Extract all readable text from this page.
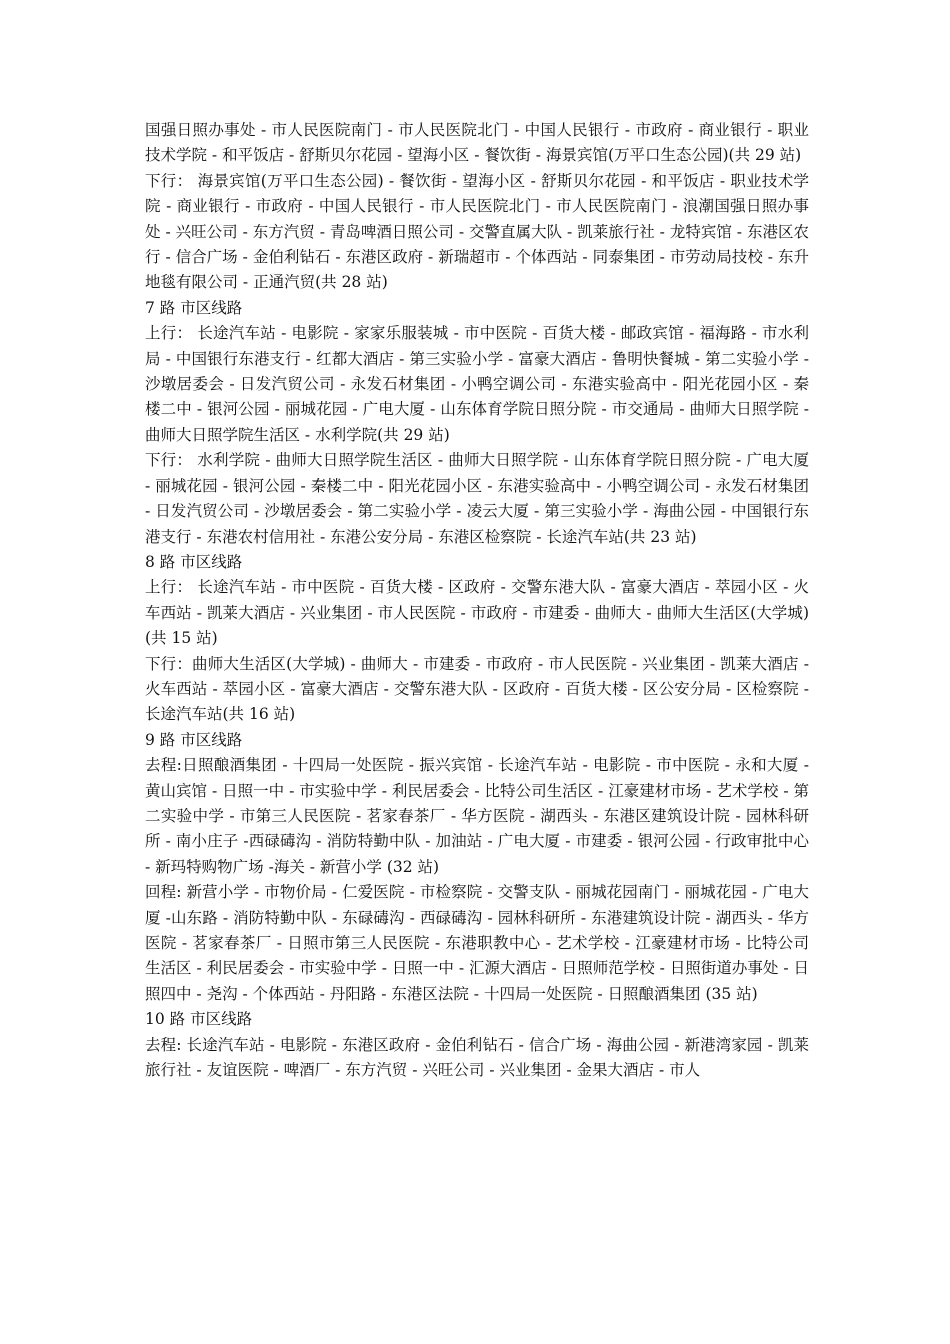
国强日照办事处 - 市人民医院南门 - 市人民医院北门 - 中国人民银行 - 市政府 - 商业银行 - 职业技术学院 - 和平饭店 - 舒斯贝尔花园 - 望海小区 - 餐饮街 - 海景宾馆(万平口生态公园)(共 29 站)

下行： 海景宾馆(万平口生态公园) - 餐饮街 - 望海小区 - 舒斯贝尔花园 - 和平饭店 - 职业技术学院 - 商业银行 - 市政府 - 中国人民银行 - 市人民医院北门 - 市人民医院南门 - 浪潮国强日照办事处 - 兴旺公司 - 东方汽贸 - 青岛啤酒日照公司 - 交警直属大队 - 凯莱旅行社 - 龙特宾馆 - 东港区农行 - 信合广场 - 金伯利钻石 - 东港区政府 - 新瑞超市 - 个体西站 - 同泰集团 - 市劳动局技校 - 东升地毯有限公司 - 正通汽贸(共 28 站)

7 路 市区线路

上行： 长途汽车站 - 电影院 - 家家乐服装城 - 市中医院 - 百货大楼 - 邮政宾馆 - 福海路 - 市水利局 - 中国银行东港支行 - 红都大酒店 - 第三实验小学 - 富豪大酒店 - 鲁明快餐城 - 第二实验小学 - 沙墩居委会 - 日发汽贸公司 - 永发石材集团 - 小鸭空调公司 - 东港实验高中 - 阳光花园小区 - 秦楼二中 - 银河公园 - 丽城花园 - 广电大厦 - 山东体育学院日照分院 - 市交通局 - 曲师大日照学院 - 曲师大日照学院生活区 - 水利学院(共 29 站)

下行： 水利学院 - 曲师大日照学院生活区 - 曲师大日照学院 - 山东体育学院日照分院 - 广电大厦 - 丽城花园 - 银河公园 - 秦楼二中 - 阳光花园小区 - 东港实验高中 - 小鸭空调公司 - 永发石材集团 - 日发汽贸公司 - 沙墩居委会 - 第二实验小学 - 凌云大厦 - 第三实验小学 - 海曲公园 - 中国银行东港支行 - 东港农村信用社 - 东港公安分局 - 东港区检察院 - 长途汽车站(共 23 站)

8 路 市区线路

上行： 长途汽车站 - 市中医院 - 百货大楼 - 区政府 - 交警东港大队 - 富豪大酒店 - 萃园小区 - 火车西站 - 凯莱大酒店 - 兴业集团 - 市人民医院 - 市政府 - 市建委 - 曲师大 - 曲师大生活区(大学城)(共 15 站)

下行：曲师大生活区(大学城) - 曲师大 - 市建委 - 市政府 - 市人民医院 - 兴业集团 - 凯莱大酒店 - 火车西站 - 萃园小区 - 富豪大酒店 - 交警东港大队 - 区政府 - 百货大楼 - 区公安分局 - 区检察院 - 长途汽车站(共 16 站)

9 路 市区线路

去程:日照酿酒集团 - 十四局一处医院 - 振兴宾馆 - 长途汽车站 - 电影院 - 市中医院 - 永和大厦 - 黄山宾馆 - 日照一中 - 市实验中学 - 利民居委会 - 比特公司生活区 - 江豪建材市场 - 艺术学校 - 第二实验中学 - 市第三人民医院 - 茗家春茶厂 - 华方医院 - 湖西头 - 东港区建筑设计院 - 园林科研所 - 南小庄子 -西碌碡沟 - 消防特勤中队 - 加油站 - 广电大厦 - 市建委 - 银河公园 - 行政审批中心 - 新玛特购物广场 -海关 - 新营小学 (32 站)

回程: 新营小学 - 市物价局 - 仁爱医院 - 市检察院 - 交警支队 - 丽城花园南门 - 丽城花园 - 广电大厦 -山东路 - 消防特勤中队 - 东碌碡沟 - 西碌碡沟 - 园林科研所 - 东港建筑设计院 - 湖西头 - 华方医院 - 茗家春茶厂 - 日照市第三人民医院 - 东港职教中心 - 艺术学校 - 江豪建材市场 - 比特公司生活区 - 利民居委会 - 市实验中学 - 日照一中 - 汇源大酒店 - 日照师范学校 - 日照街道办事处 - 日照四中 - 尧沟 - 个体西站 - 丹阳路 - 东港区法院 - 十四局一处医院 - 日照酿酒集团 (35 站)

10 路 市区线路

去程: 长途汽车站 - 电影院 - 东港区政府 - 金伯利钻石 - 信合广场 - 海曲公园 - 新港湾家园 - 凯莱旅行社 - 友谊医院 - 啤酒厂 - 东方汽贸 - 兴旺公司 - 兴业集团 - 金果大酒店 - 市人
